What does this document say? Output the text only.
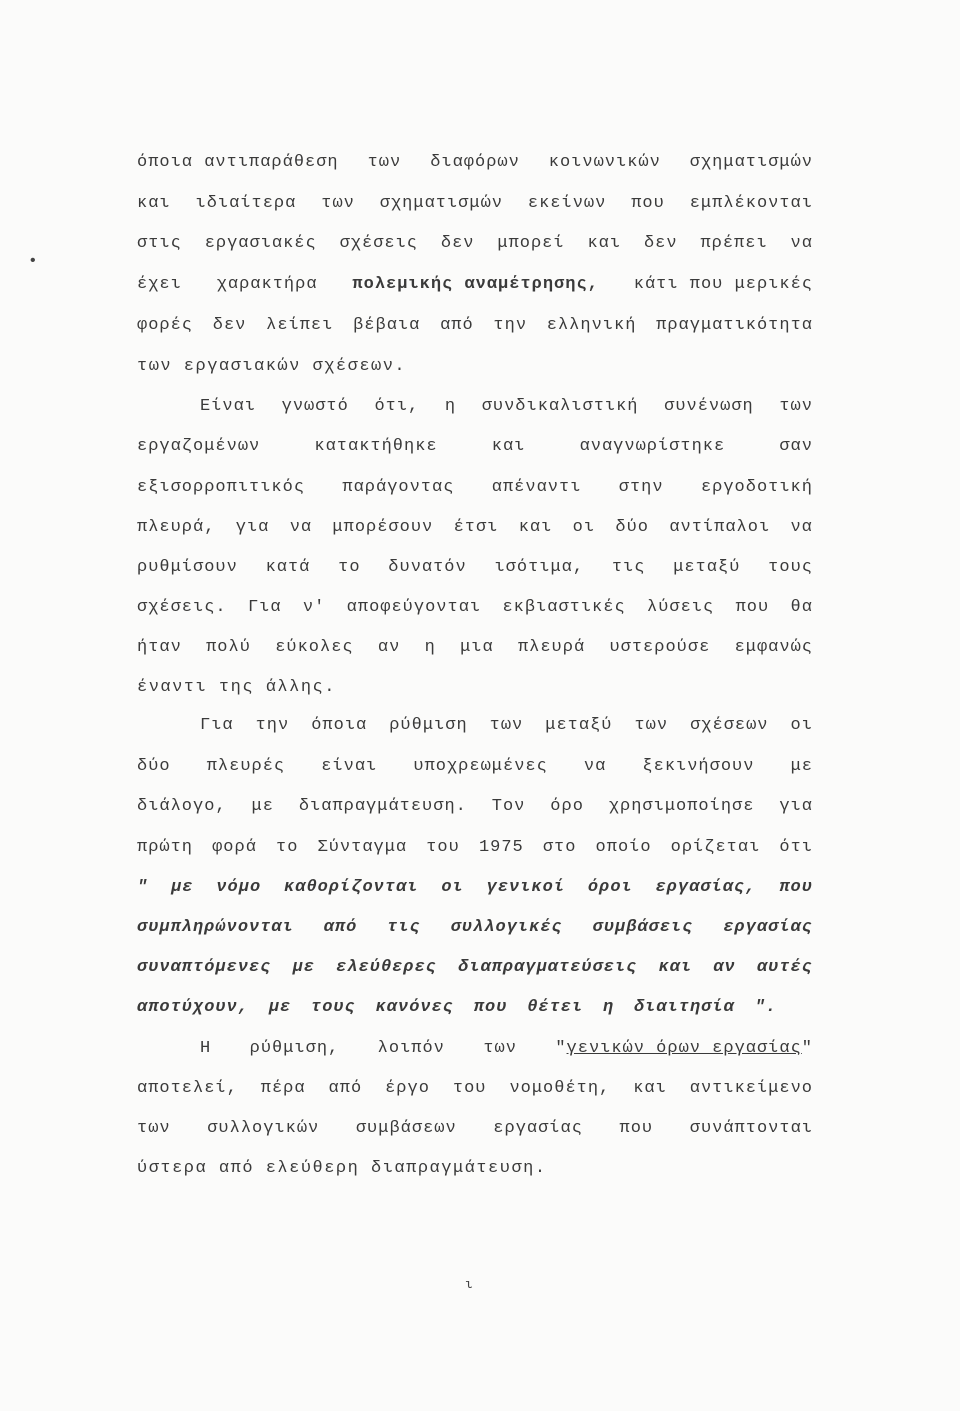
•
όποια αντιπαράθεση των διαφόρων κοινωνικών σχηματισμών
και ιδιαίτερα των σχηματισμών εκείνων που εμπλέκονται
στις εργασιακές σχέσεις δεν μπορεί και δεν πρέπει να
έχει χαρακτήρα πολεμικής αναμέτρησης, κάτι που μερικές
φορές δεν λείπει βέβαια από την ελληνική πραγματικότητα
των εργασιακών σχέσεων.
Είναι γνωστό ότι, η συνδικαλιστική συνένωση των
εργαζομένων	κατακτήθηκε	και	αναγνωρίστηκε	σαν
εξισορροπιτικός παράγοντας απέναντι στην εργοδοτική
πλευρά, για να μπορέσουν έτσι και οι δύο αντίπαλοι να
ρυθμίσουν κατά το δυνατόν ισότιμα, τις μεταξύ τους
σχέσεις. Για ν' αποφεύγονται εκβιαστικές λύσεις που θα
ήταν πολύ εύκολες αν η μια πλευρά υστερούσε εμφανώς
έναντι της άλλης.
Για την όποια ρύθμιση των μεταξύ των σχέσεων οι
δύο πλευρές είναι υποχρεωμένες να ξεκινήσουν με
διάλογο, με διαπραγμάτευση. Τον όρο χρησιμοποίησε για
πρώτη φορά το Σύνταγμα του 1975 στο οποίο ορίζεται ότι
" με νόμο καθορίζονται οι γενικοί όροι εργασίας, που
συμπληρώνονται από τις συλλογικές συμβάσεις εργασίας
συναπτόμενες με ελεύθερες διαπραγματεύσεις και αν αυτές
αποτύχουν, με τους κανόνες που θέτει η διαιτησία ".
Η ρύθμιση, λοιπόν των "γενικών όρων εργασίας"
αποτελεί, πέρα από έργο του νομοθέτη, και αντικείμενο
των συλλογικών συμβάσεων εργασίας που συνάπτονται
ύστερα από ελεύθερη διαπραγμάτευση.
ι
